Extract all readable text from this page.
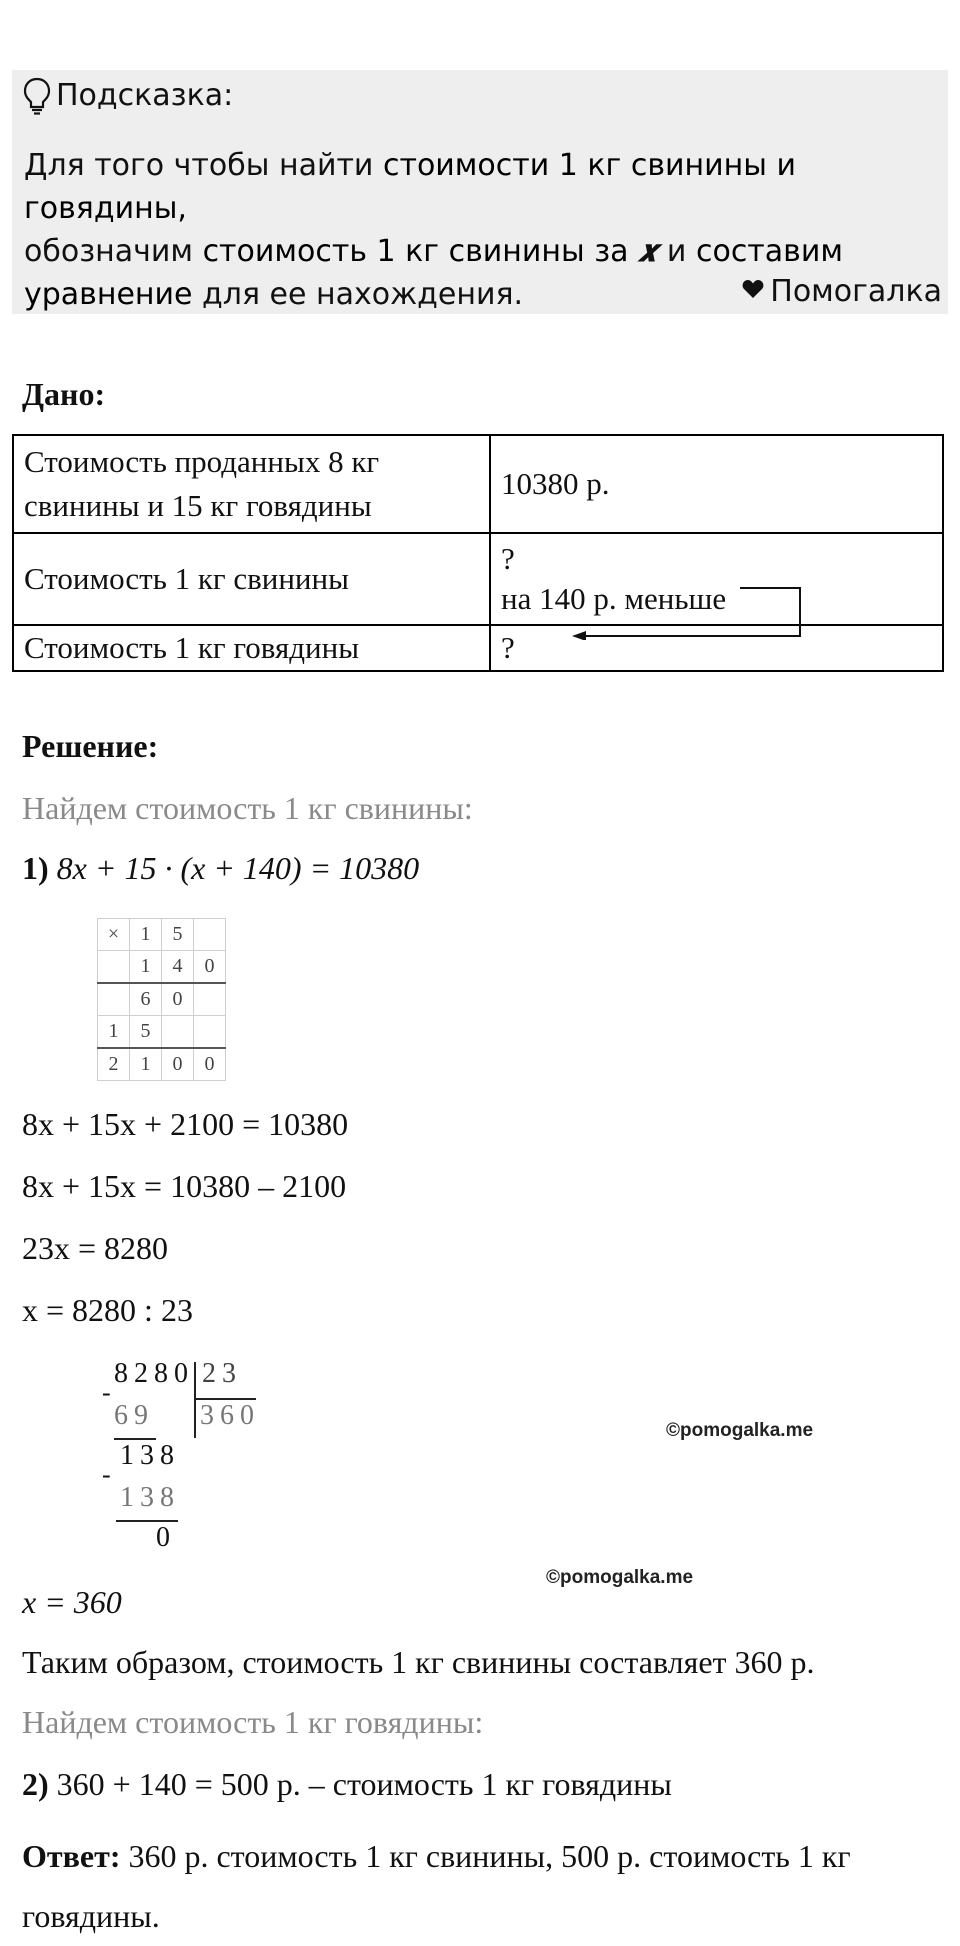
Подсказка:
Для того чтобы найти стоимости 1 кг свинины и говядины,
обозначим стоимость 1 кг свинины за 𝒙 и составим
уравнение для ее нахождения.	Помогалка
Дано:
Стоимость проданных 8 кг
свинины и 15 кг говядины	10380 р.
Стоимость 1 кг свинины	?
на 140 р. меньше
Стоимость 1 кг говядины	?
Решение:
Найдем стоимость 1 кг свинины:
1) 8x + 15 · (x + 140) = 10380
×	1	5	
	1	4	0
	6	0	
1	5		
2	1	0	0
8x + 15x + 2100 = 10380
8x + 15x = 10380 – 2100
23x = 8280
x = 8280 : 23
8280 23
360
-
69
138
-
138
0
©pomogalka.me
©pomogalka.me
x = 360
Таким образом, стоимость 1 кг свинины составляет 360 р.
Найдем стоимость 1 кг говядины:
2) 360 + 140 = 500 р. – стоимость 1 кг говядины
Ответ: 360 р. стоимость 1 кг свинины, 500 р. стоимость 1 кг
говядины.
